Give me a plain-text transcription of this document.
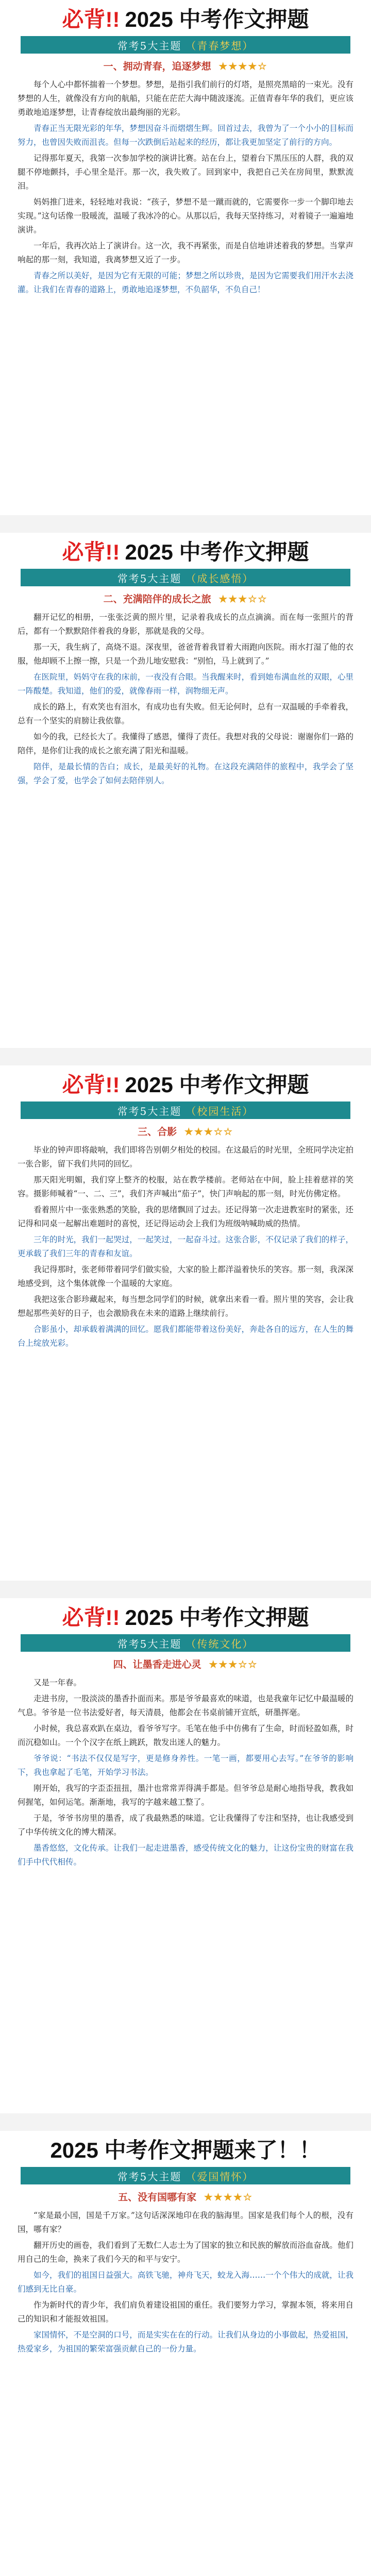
必背!! 2025 中考作文押题
常考5大主题 （青春梦想）
一、拥动青春，追逐梦想 ★★★★☆

每个人心中都怀揣着一个梦想。梦想，是指引我们前行的灯塔，是照亮黑暗的一束光。没有梦想的人生，就像没有方向的航船，只能在茫茫大海中随波逐流。正值青春年华的我们，更应该勇敢地追逐梦想，让青春绽放出最绚丽的光彩。

青春正当无限光彩的年华，梦想因奋斗而熠熠生辉。回首过去，我曾为了一个小小的目标而努力，也曾因失败而沮丧。但每一次跌倒后站起来的经历，都让我更加坚定了前行的方向。

记得那年夏天，我第一次参加学校的演讲比赛。站在台上，望着台下黑压压的人群，我的双腿不停地颤抖，手心里全是汗。那一次，我失败了。回到家中，我把自己关在房间里，默默流泪。

妈妈推门进来，轻轻地对我说：“孩子，梦想不是一蹴而就的，它需要你一步一个脚印地去实现。”这句话像一股暖流，温暖了我冰冷的心。从那以后，我每天坚持练习，对着镜子一遍遍地演讲。

一年后，我再次站上了演讲台。这一次，我不再紧张，而是自信地讲述着我的梦想。当掌声响起的那一刻，我知道，我离梦想又近了一步。

青春之所以美好，是因为它有无限的可能；梦想之所以珍贵，是因为它需要我们用汗水去浇灌。让我们在青春的道路上，勇敢地追逐梦想，不负韶华，不负自己！

必背!! 2025 中考作文押题
常考5大主题 （成长感悟）
二、充满陪伴的成长之旅 ★★★☆☆

翻开记忆的相册，一张张泛黄的照片里，记录着我成长的点点滴滴。而在每一张照片的背后，都有一个默默陪伴着我的身影，那就是我的父母。

那一天，我生病了，高烧不退。深夜里，爸爸背着我冒着大雨跑向医院。雨水打湿了他的衣服，他却顾不上擦一擦，只是一个劲儿地安慰我：“别怕，马上就到了。”

在医院里，妈妈守在我的床前，一夜没有合眼。当我醒来时，看到她布满血丝的双眼，心里一阵酸楚。我知道，他们的爱，就像春雨一样，润物细无声。

成长的路上，有欢笑也有泪水，有成功也有失败。但无论何时，总有一双温暖的手牵着我，总有一个坚实的肩膀让我依靠。

如今的我，已经长大了。我懂得了感恩，懂得了责任。我想对我的父母说：谢谢你们一路的陪伴，是你们让我的成长之旅充满了阳光和温暖。

陪伴，是最长情的告白；成长，是最美好的礼物。在这段充满陪伴的旅程中，我学会了坚强，学会了爱，也学会了如何去陪伴别人。

必背!! 2025 中考作文押题
常考5大主题 （校园生活）
三、合影 ★★★☆☆

毕业的钟声即将敲响，我们即将告别朝夕相处的校园。在这最后的时光里，全班同学决定拍一张合影，留下我们共同的回忆。

那天阳光明媚，我们穿上整齐的校服，站在教学楼前。老师站在中间，脸上挂着慈祥的笑容。摄影师喊着“一、二、三”，我们齐声喊出“茄子”，快门声响起的那一刻，时光仿佛定格。

看着照片中一张张熟悉的笑脸，我的思绪飘回了过去。还记得第一次走进教室时的紧张，还记得和同桌一起解出难题时的喜悦，还记得运动会上我们为班级呐喊助威的热情。

三年的时光，我们一起哭过，一起笑过，一起奋斗过。这张合影，不仅记录了我们的样子，更承载了我们三年的青春和友谊。

我记得那时，张老师带着同学们做实验，大家的脸上都洋溢着快乐的笑容。那一刻，我深深地感受到，这个集体就像一个温暖的大家庭。

我把这张合影珍藏起来，每当想念同学们的时候，就拿出来看一看。照片里的笑容，会让我想起那些美好的日子，也会激励我在未来的道路上继续前行。

合影虽小，却承载着满满的回忆。愿我们都能带着这份美好，奔赴各自的远方，在人生的舞台上绽放光彩。

必背!! 2025 中考作文押题
常考5大主题 （传统文化）
四、让墨香走进心灵 ★★★☆☆

又是一年春。

走进书房，一股淡淡的墨香扑面而来。那是爷爷最喜欢的味道，也是我童年记忆中最温暖的气息。爷爷是一位书法爱好者，每天清晨，他都会在书桌前铺开宣纸，研墨挥毫。

小时候，我总喜欢趴在桌边，看爷爷写字。毛笔在他手中仿佛有了生命，时而轻盈如燕，时而沉稳如山。一个个汉字在纸上跳跃，散发出迷人的魅力。

爷爷说：“书法不仅仅是写字，更是修身养性。一笔一画，都要用心去写。”在爷爷的影响下，我也拿起了毛笔，开始学习书法。

刚开始，我写的字歪歪扭扭，墨汁也常常弄得满手都是。但爷爷总是耐心地指导我，教我如何握笔，如何运笔。渐渐地，我写的字越来越工整了。

于是，爷爷书房里的墨香，成了我最熟悉的味道。它让我懂得了专注和坚持，也让我感受到了中华传统文化的博大精深。

墨香悠悠，文化传承。让我们一起走进墨香，感受传统文化的魅力，让这份宝贵的财富在我们手中代代相传。

2025 中考作文押题来了！！
常考5大主题 （爱国情怀）
五、没有国哪有家 ★★★★☆

“家是最小国，国是千万家。”这句话深深地印在我的脑海里。国家是我们每个人的根，没有国，哪有家？

翻开历史的画卷，我们看到了无数仁人志士为了国家的独立和民族的解放而浴血奋战。他们用自己的生命，换来了我们今天的和平与安宁。

如今，我们的祖国日益强大。高铁飞驰，神舟飞天，蛟龙入海……一个个伟大的成就，让我们感到无比自豪。

作为新时代的青少年，我们肩负着建设祖国的重任。我们要努力学习，掌握本领，将来用自己的知识和才能报效祖国。

家国情怀，不是空洞的口号，而是实实在在的行动。让我们从身边的小事做起，热爱祖国，热爱家乡，为祖国的繁荣富强贡献自己的一份力量。
